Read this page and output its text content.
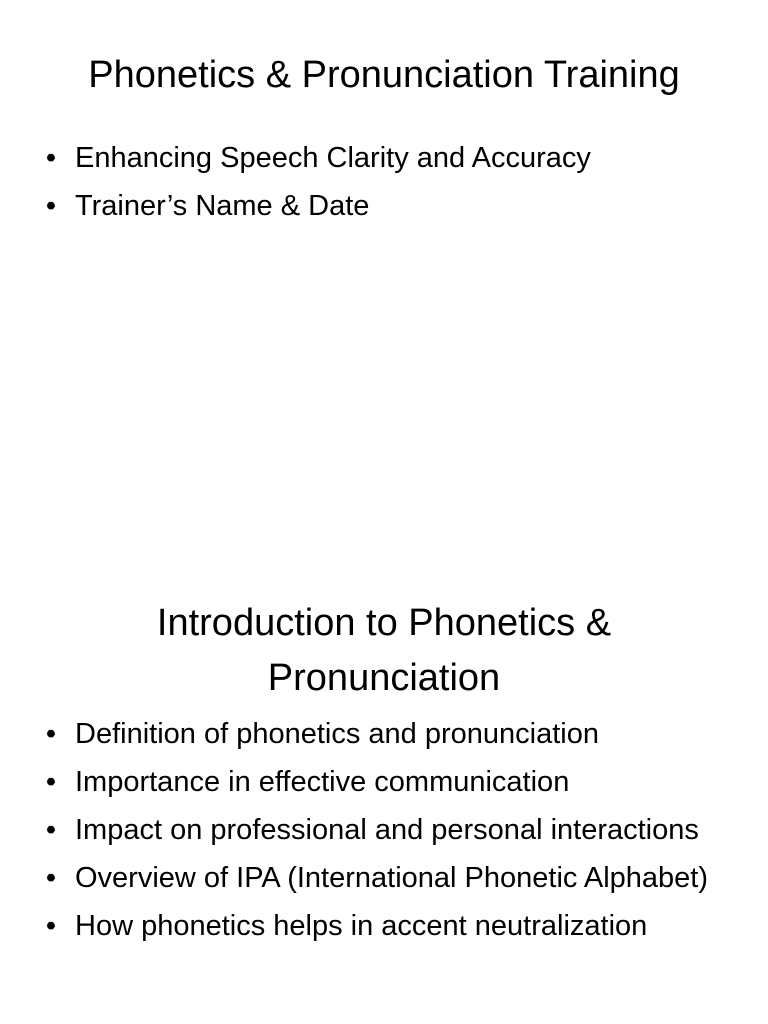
Phonetics & Pronunciation Training
• Enhancing Speech Clarity and Accuracy
• Trainer’s Name & Date
Introduction to Phonetics & Pronunciation
• Definition of phonetics and pronunciation
• Importance in effective communication
• Impact on professional and personal interactions
• Overview of IPA (International Phonetic Alphabet)
• How phonetics helps in accent neutralization
